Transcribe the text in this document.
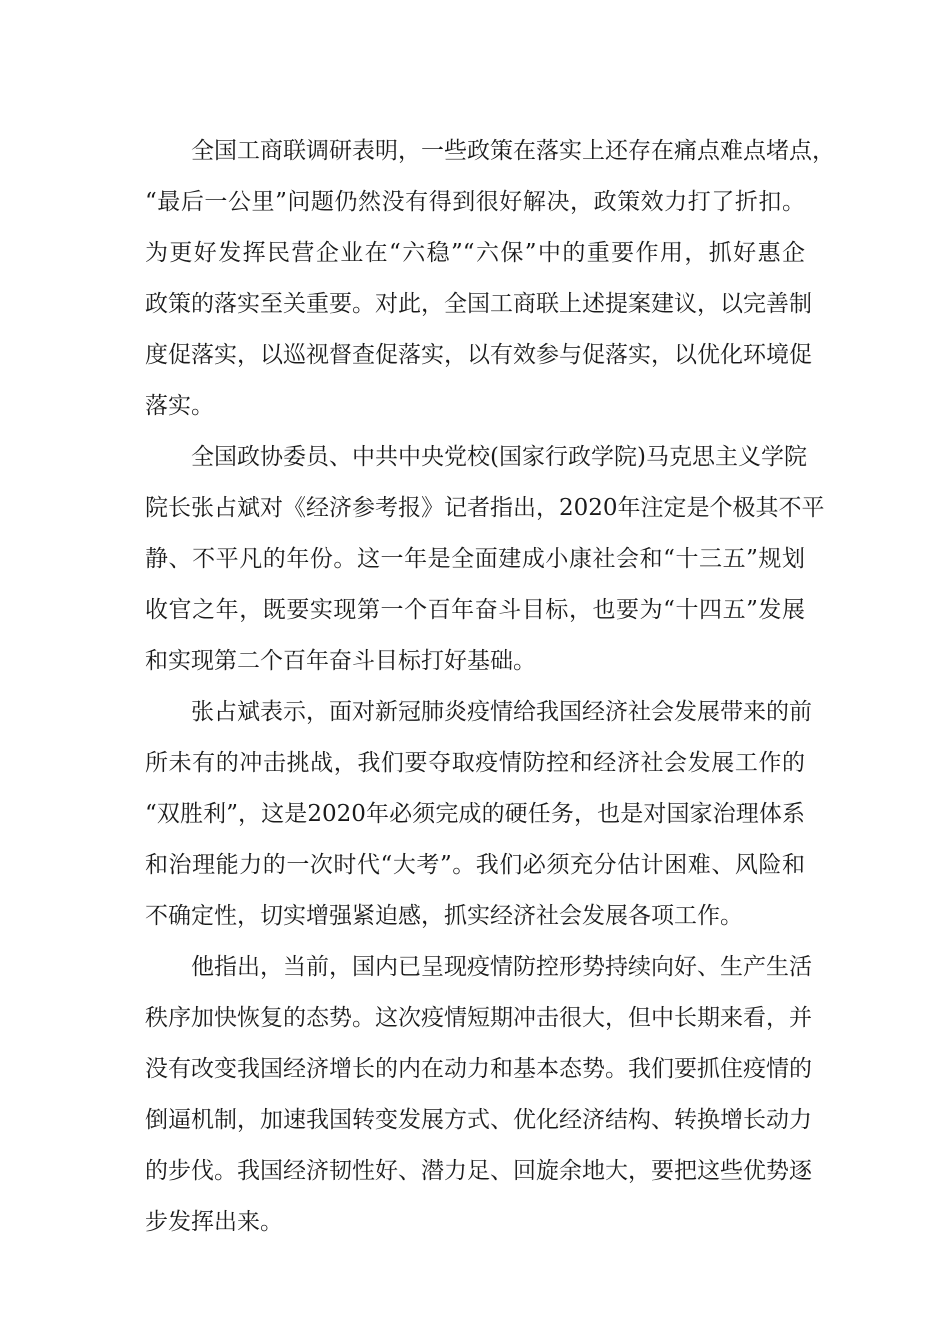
全国工商联调研表明，一些政策在落实上还存在痛点难点堵点，
“最后一公里”问题仍然没有得到很好解决，政策效力打了折扣。
为更好发挥民营企业在“六稳”“六保”中的重要作用，抓好惠企
政策的落实至关重要。对此，全国工商联上述提案建议，以完善制
度促落实，以巡视督查促落实，以有效参与促落实，以优化环境促
落实。
全国政协委员、中共中央党校(国家行政学院)马克思主义学院
院长张占斌对《经济参考报》记者指出，2020年注定是个极其不平
静、不平凡的年份。这一年是全面建成小康社会和“十三五”规划
收官之年，既要实现第一个百年奋斗目标，也要为“十四五”发展
和实现第二个百年奋斗目标打好基础。
张占斌表示，面对新冠肺炎疫情给我国经济社会发展带来的前
所未有的冲击挑战，我们要夺取疫情防控和经济社会发展工作的
“双胜利”，这是2020年必须完成的硬任务，也是对国家治理体系
和治理能力的一次时代“大考”。我们必须充分估计困难、风险和
不确定性，切实增强紧迫感，抓实经济社会发展各项工作。
他指出，当前，国内已呈现疫情防控形势持续向好、生产生活
秩序加快恢复的态势。这次疫情短期冲击很大，但中长期来看，并
没有改变我国经济增长的内在动力和基本态势。我们要抓住疫情的
倒逼机制，加速我国转变发展方式、优化经济结构、转换增长动力
的步伐。我国经济韧性好、潜力足、回旋余地大，要把这些优势逐
步发挥出来。
